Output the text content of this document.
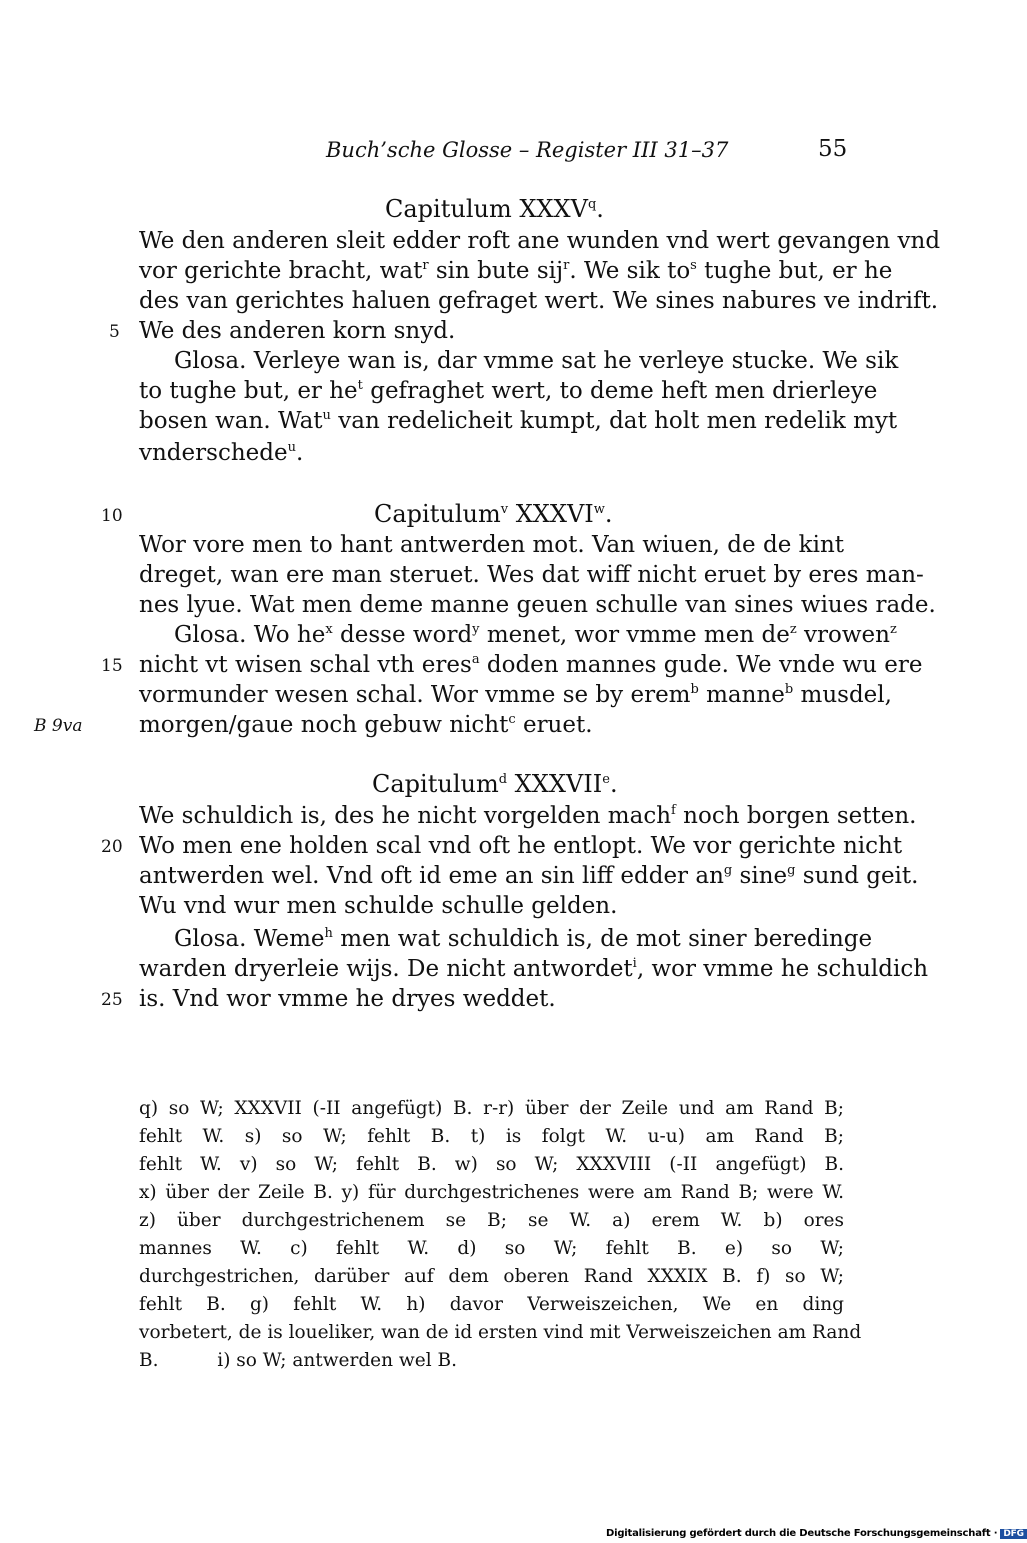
Buch’sche Glosse – Register III 31–37	55
Capitulum XXXV$^q$.
We den anderen sleit edder roft ane wunden vnd wert gevangen vnd
vor gerichte bracht, wat$^r$ sin bute sij$^r$. We sik $to^s$ tughe but, er he
des van gerichtes haluen gefraget wert. We sines nabures ve indrift.
5 We des anderen korn snyd.
Glosa. Verleye wan is, dar vmme sat he verleye stucke. We sik
to tughe but, er $he^t$ gefraghet wert, to deme heft men drierleye
bosen wan. Wat$^u$ van redelicheit kumpt, dat holt men redelik myt
vnderschede$^u$.
10	Capitulum$^v$ XXXVI$^w$.
Wor vore men to hant antwerden mot. Van wiuen, de de kint
dreget, wan ere man steruet. Wes dat wiff nicht eruet by eres man-
nes lyue. Wat men deme manne geuen schulle van sines wiues rade.
Glosa. Wo $he^x$ desse word$^y$ menet, wor vmme men $de^z$ vrowen$^z$
15 nicht vt wisen schal vth eres$^a$ doden mannes gude. We vnde wu ere
vormunder wesen schal. Wor vmme se by erem$^b$ manne$^b$ musdel,
B 9va morgen/gaue noch gebuw nicht$^c$ eruet.
Capitulum$^d$ XXXVIIe.
We schuldich is, des he nicht vorgelden mach$^f$ noch borgen setten.
20 Wo men ene holden scal vnd oft he entlopt. We vor gerichte nicht
antwerden wel. Vnd oft id eme an sin liff edder $an^g$ sine$^g$ sund geit.
Wu vnd wur men schulde schulle gelden.
Glosa. Weme$^h$ men wat schuldich is, de mot siner beredinge
warden dryerleie wijs. De nicht antwordet$^i$, wor vmme he schuldich
25 is. Vnd wor vmme he dryes weddet.
q) so W; XXXVII (-II angefügt) B. r-r) über der Zeile und am Rand B;
fehlt W. s) so W; fehlt B. t) is folgt W. u-u) am Rand B;
fehlt W. v) so W; fehlt B. w) so W; XXXVIII (-II angefügt) B.
x) über der Zeile B. y) für durchgestrichenes were am Rand B; were W.
z) über durchgestrichenem se B; se W. a) erem W. b) ores
mannes W. c) fehlt W. d) so W; fehlt B. e) so W;
durchgestrichen, darüber auf dem oberen Rand XXXIX B. f) so W;
fehlt B. g) fehlt W. h) davor Verweiszeichen, We en ding
vorbetert, de is loueliker, wan de id ersten vind mit Verweiszeichen am Rand
B.          i) so W; antwerden wel B.
Digitalisierung gefördert durch die Deutsche Forschungsgemeinschaft · DFG
